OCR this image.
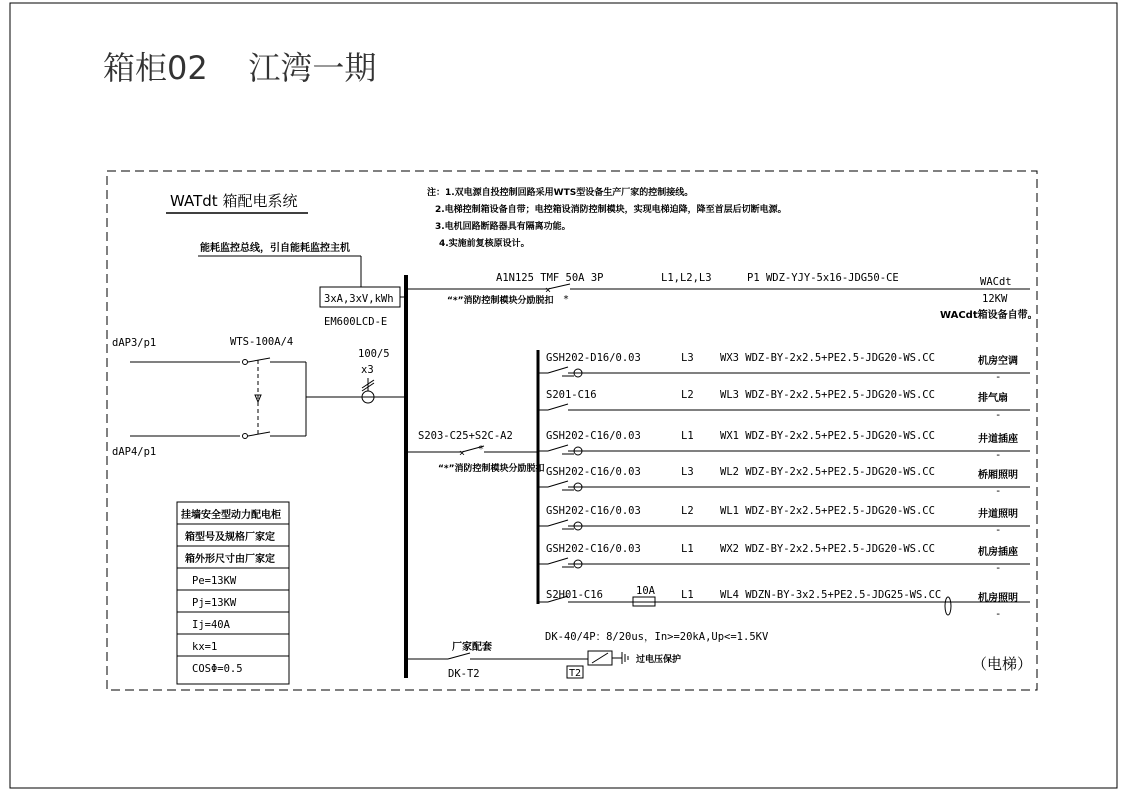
箱柜02    江湾一期
WATdt 箱配电系统	注：1.双电源自投控制回路采用WTS型设备生产厂家的控制接线。
2.电梯控制箱设备自带；电控箱设消防控制模块，实现电梯迫降，降至首层后切断电源。
3.电机回路断路器具有隔离功能。
4.实施前复核原设计。
能耗监控总线，引自能耗监控主机
3xA,3xV,kWh
EM600LCD-E
dAP3/p1
dAP4/p1
WTS-100A/4
100/5
x3
A1N125 TMF 50A 3P	L1,L2,L3	P1 WDZ-YJY-5x16-JDG50-CE
*
×
WACdt
12KW
WACdt箱设备自带。
“*”消防控制模块分励脱扣
S203-C25+S2C-A2
× *
“*”消防控制模块分励脱扣
GSH202-D16/0.03	L3	WX3 WDZ-BY-2x2.5+PE2.5-JDG20-WS.CC	机房空调
-
S201-C16	L2	WL3 WDZ-BY-2x2.5+PE2.5-JDG20-WS.CC	排气扇
-
GSH202-C16/0.03	L1	WX1 WDZ-BY-2x2.5+PE2.5-JDG20-WS.CC	井道插座
-
GSH202-C16/0.03	L3	WL2 WDZ-BY-2x2.5+PE2.5-JDG20-WS.CC	桥厢照明
-
GSH202-C16/0.03	L2	WL1 WDZ-BY-2x2.5+PE2.5-JDG20-WS.CC	井道照明
-
GSH202-C16/0.03	L1	WX2 WDZ-BY-2x2.5+PE2.5-JDG20-WS.CC	机房插座
-
S2H01-C16	10A L1	WL4 WDZN-BY-3x2.5+PE2.5-JDG25-WS.CC	机房照明
-
DK-40/4P：8/20us，In>=20kA,Up<=1.5KV
厂家配套
DK-T2	T2
过电压保护	（电梯）
挂墙安全型动力配电柜
箱型号及规格厂家定
箱外形尺寸由厂家定
Pe=13KW
Pj=13KW
Ij=40A
kx=1
COSΦ=0.5
